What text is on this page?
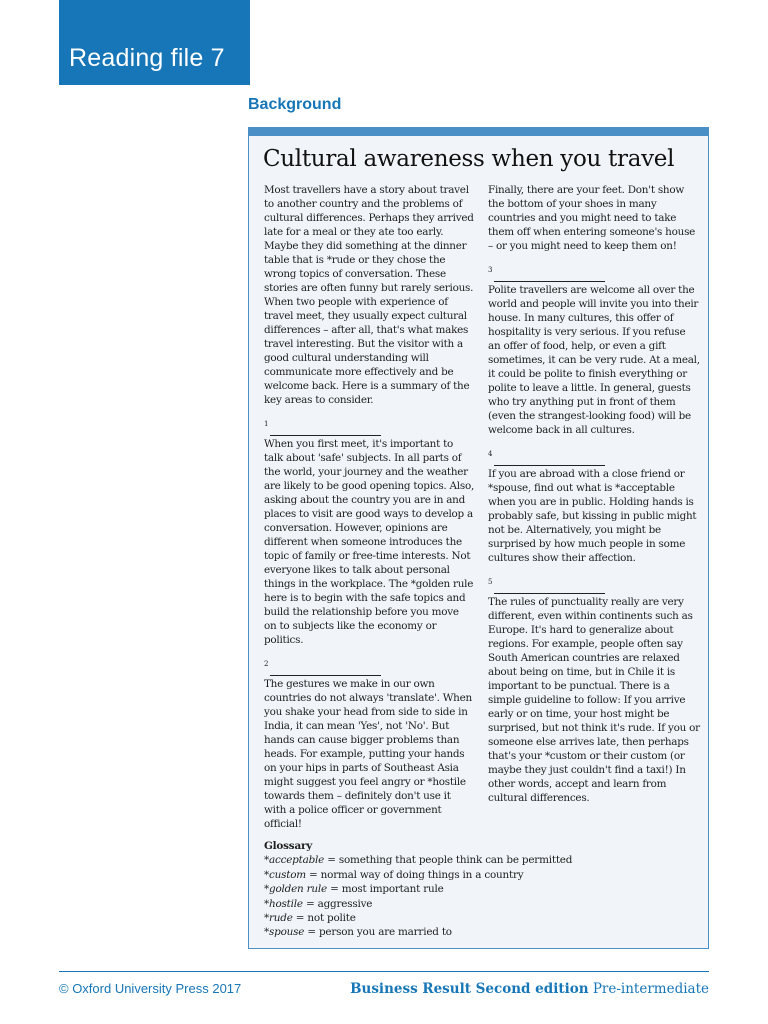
Reading file 7
Background
Cultural awareness when you travel

Most travellers have a story about travel to another country and the problems of cultural differences. Perhaps they arrived late for a meal or they ate too early. Maybe they did something at the dinner table that is *rude or they chose the wrong topics of conversation. These stories are often funny but rarely serious. When two people with experience of travel meet, they usually expect cultural differences – after all, that's what makes travel interesting. But the visitor with a good cultural understanding will communicate more effectively and be welcome back. Here is a summary of the key areas to consider.

1

When you first meet, it's important to talk about 'safe' subjects. In all parts of the world, your journey and the weather are likely to be good opening topics. Also, asking about the country you are in and places to visit are good ways to develop a conversation. However, opinions are different when someone introduces the topic of family or free-time interests. Not everyone likes to talk about personal things in the workplace. The *golden rule here is to begin with the safe topics and build the relationship before you move on to subjects like the economy or politics.

2

The gestures we make in our own countries do not always 'translate'. When you shake your head from side to side in India, it can mean 'Yes', not 'No'. But hands can cause bigger problems than heads. For example, putting your hands on your hips in parts of Southeast Asia might suggest you feel angry or *hostile towards them – definitely don't use it with a police officer or government official!

Finally, there are your feet. Don't show the bottom of your shoes in many countries and you might need to take them off when entering someone's house – or you might need to keep them on!

3

Polite travellers are welcome all over the world and people will invite you into their house. In many cultures, this offer of hospitality is very serious. If you refuse an offer of food, help, or even a gift sometimes, it can be very rude. At a meal, it could be polite to finish everything or polite to leave a little. In general, guests who try anything put in front of them (even the strangest-looking food) will be welcome back in all cultures.

4

If you are abroad with a close friend or *spouse, find out what is *acceptable when you are in public. Holding hands is probably safe, but kissing in public might not be. Alternatively, you might be surprised by how much people in some cultures show their affection.

5

The rules of punctuality really are very different, even within continents such as Europe. It's hard to generalize about regions. For example, people often say South American countries are relaxed about being on time, but in Chile it is important to be punctual. There is a simple guideline to follow: If you arrive early or on time, your host might be surprised, but not think it's rude. If you or someone else arrives late, then perhaps that's your *custom or their custom (or maybe they just couldn't find a taxi!) In other words, accept and learn from cultural differences.

Glossary
*acceptable = something that people think can be permitted
*custom = normal way of doing things in a country
*golden rule = most important rule
*hostile = aggressive
*rude = not polite
*spouse = person you are married to
© Oxford University Press 2017	Business Result Second edition Pre-intermediate
